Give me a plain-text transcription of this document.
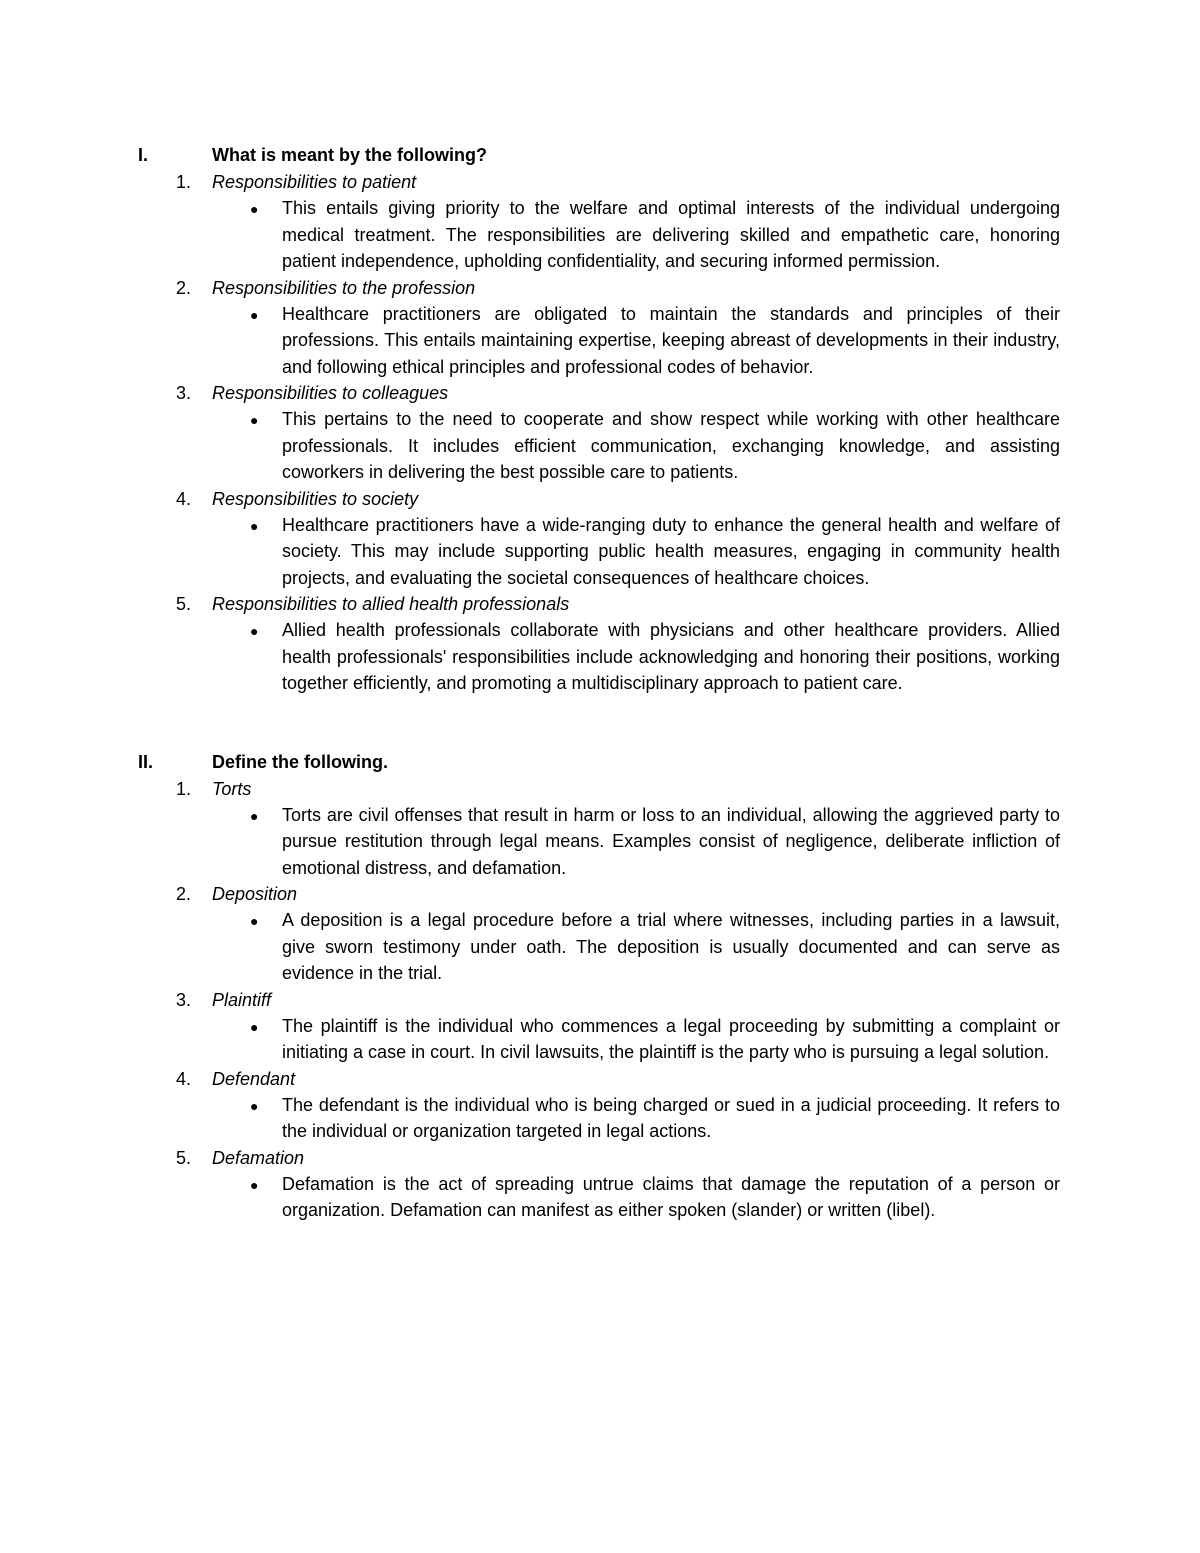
I.	What is meant by the following?
1.	Responsibilities to patient
●	This entails giving priority to the welfare and optimal interests of the individual undergoing medical treatment. The responsibilities are delivering skilled and empathetic care, honoring patient independence, upholding confidentiality, and securing informed permission.
2.	Responsibilities to the profession
●	Healthcare practitioners are obligated to maintain the standards and principles of their professions. This entails maintaining expertise, keeping abreast of developments in their industry, and following ethical principles and professional codes of behavior.
3.	Responsibilities to colleagues
●	This pertains to the need to cooperate and show respect while working with other healthcare professionals. It includes efficient communication, exchanging knowledge, and assisting coworkers in delivering the best possible care to patients.
4.	Responsibilities to society
●	Healthcare practitioners have a wide-ranging duty to enhance the general health and welfare of society. This may include supporting public health measures, engaging in community health projects, and evaluating the societal consequences of healthcare choices.
5.	Responsibilities to allied health professionals
●	Allied health professionals collaborate with physicians and other healthcare providers. Allied health professionals' responsibilities include acknowledging and honoring their positions, working together efficiently, and promoting a multidisciplinary approach to patient care.
II.	Define the following.
1.	Torts
●	Torts are civil offenses that result in harm or loss to an individual, allowing the aggrieved party to pursue restitution through legal means. Examples consist of negligence, deliberate infliction of emotional distress, and defamation.
2.	Deposition
●	A deposition is a legal procedure before a trial where witnesses, including parties in a lawsuit, give sworn testimony under oath. The deposition is usually documented and can serve as evidence in the trial.
3.	Plaintiff
●	The plaintiff is the individual who commences a legal proceeding by submitting a complaint or initiating a case in court. In civil lawsuits, the plaintiff is the party who is pursuing a legal solution.
4.	Defendant
●	The defendant is the individual who is being charged or sued in a judicial proceeding. It refers to the individual or organization targeted in legal actions.
5.	Defamation
●	Defamation is the act of spreading untrue claims that damage the reputation of a person or organization. Defamation can manifest as either spoken (slander) or written (libel).
